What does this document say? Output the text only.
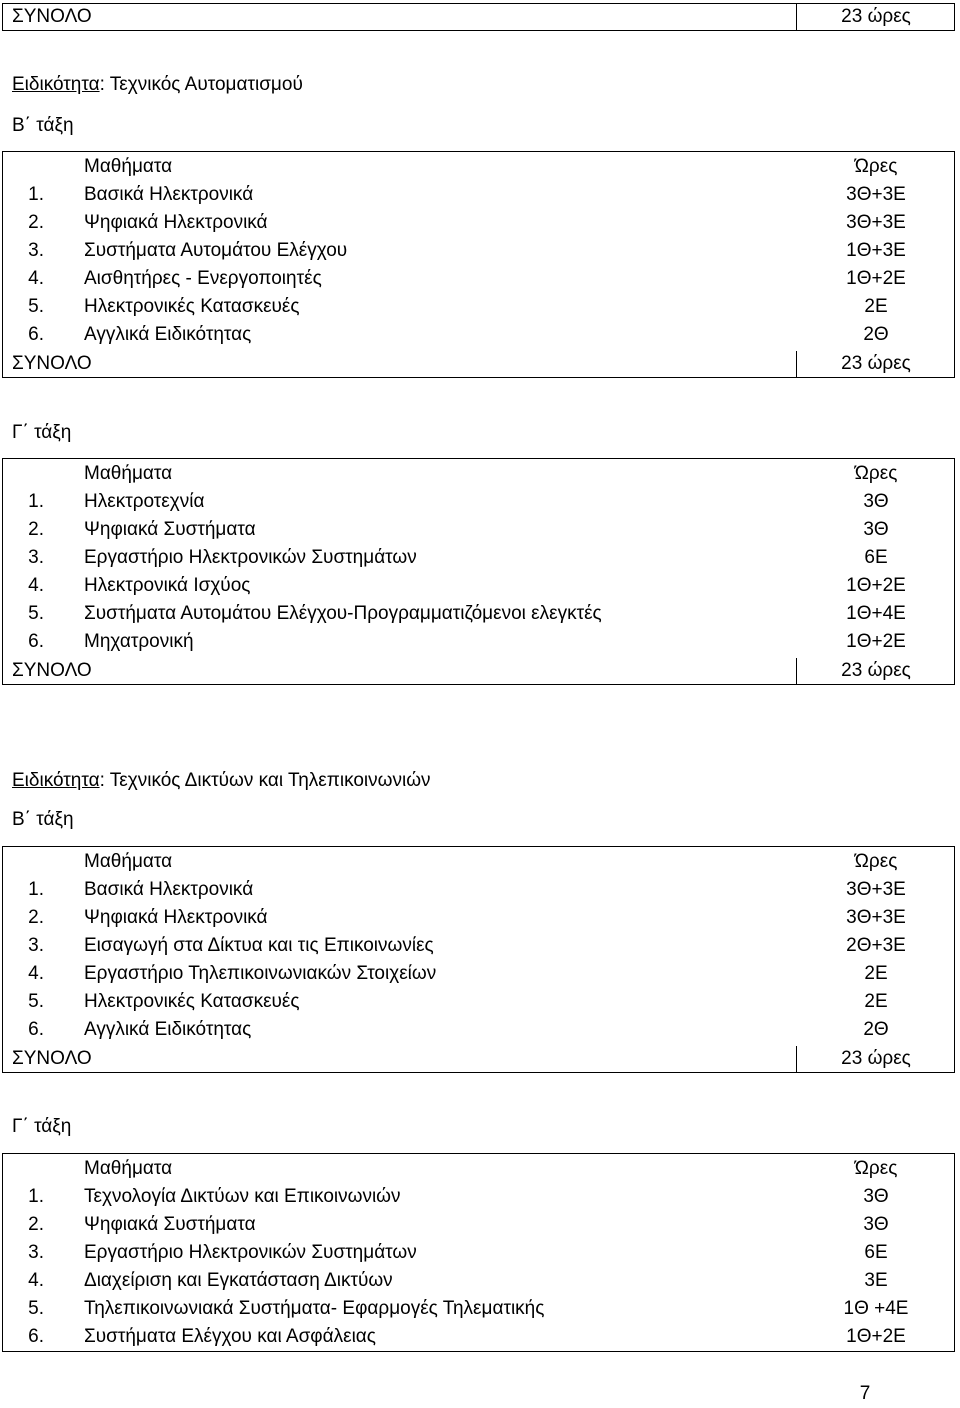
ΣΥΝΟΛΟ	23 ώρες
Ειδικότητα: Τεχνικός Αυτοματισμού
Β΄ τάξη
Μαθήματα	Ώρες
1. Βασικά Ηλεκτρονικά	3Θ+3Ε
2. Ψηφιακά Ηλεκτρονικά	3Θ+3Ε
3. Συστήματα Αυτομάτου Ελέγχου	1Θ+3Ε
4. Αισθητήρες - Ενεργοποιητές	1Θ+2Ε
5. Ηλεκτρονικές Κατασκευές	2Ε
6. Αγγλικά Ειδικότητας	2Θ
ΣΥΝΟΛΟ	23 ώρες
Γ΄ τάξη
Μαθήματα	Ώρες
1. Ηλεκτροτεχνία	3Θ
2. Ψηφιακά Συστήματα	3Θ
3. Εργαστήριο Ηλεκτρονικών Συστημάτων	6Ε
4. Ηλεκτρονικά Ισχύος	1Θ+2Ε
5. Συστήματα Αυτομάτου Ελέγχου-Προγραμματιζόμενοι ελεγκτές	1Θ+4Ε
6. Μηχατρονική	1Θ+2Ε
ΣΥΝΟΛΟ	23 ώρες
Ειδικότητα: Τεχνικός Δικτύων και Τηλεπικοινωνιών
Β΄ τάξη
Μαθήματα	Ώρες
1. Βασικά Ηλεκτρονικά	3Θ+3Ε
2. Ψηφιακά Ηλεκτρονικά	3Θ+3Ε
3. Εισαγωγή στα Δίκτυα και τις Επικοινωνίες	2Θ+3Ε
4. Εργαστήριο Τηλεπικοινωνιακών Στοιχείων	2Ε
5. Ηλεκτρονικές Κατασκευές	2Ε
6. Αγγλικά Ειδικότητας	2Θ
ΣΥΝΟΛΟ	23 ώρες
Γ΄ τάξη
Μαθήματα	Ώρες
1. Τεχνολογία Δικτύων και Επικοινωνιών	3Θ
2. Ψηφιακά Συστήματα	3Θ
3. Εργαστήριο Ηλεκτρονικών Συστημάτων	6Ε
4. Διαχείριση και Εγκατάσταση Δικτύων	3Ε
5. Τηλεπικοινωνιακά Συστήματα- Εφαρμογές Τηλεματικής	1Θ +4Ε
6. Συστήματα Ελέγχου και Ασφάλειας	1Θ+2Ε
7
